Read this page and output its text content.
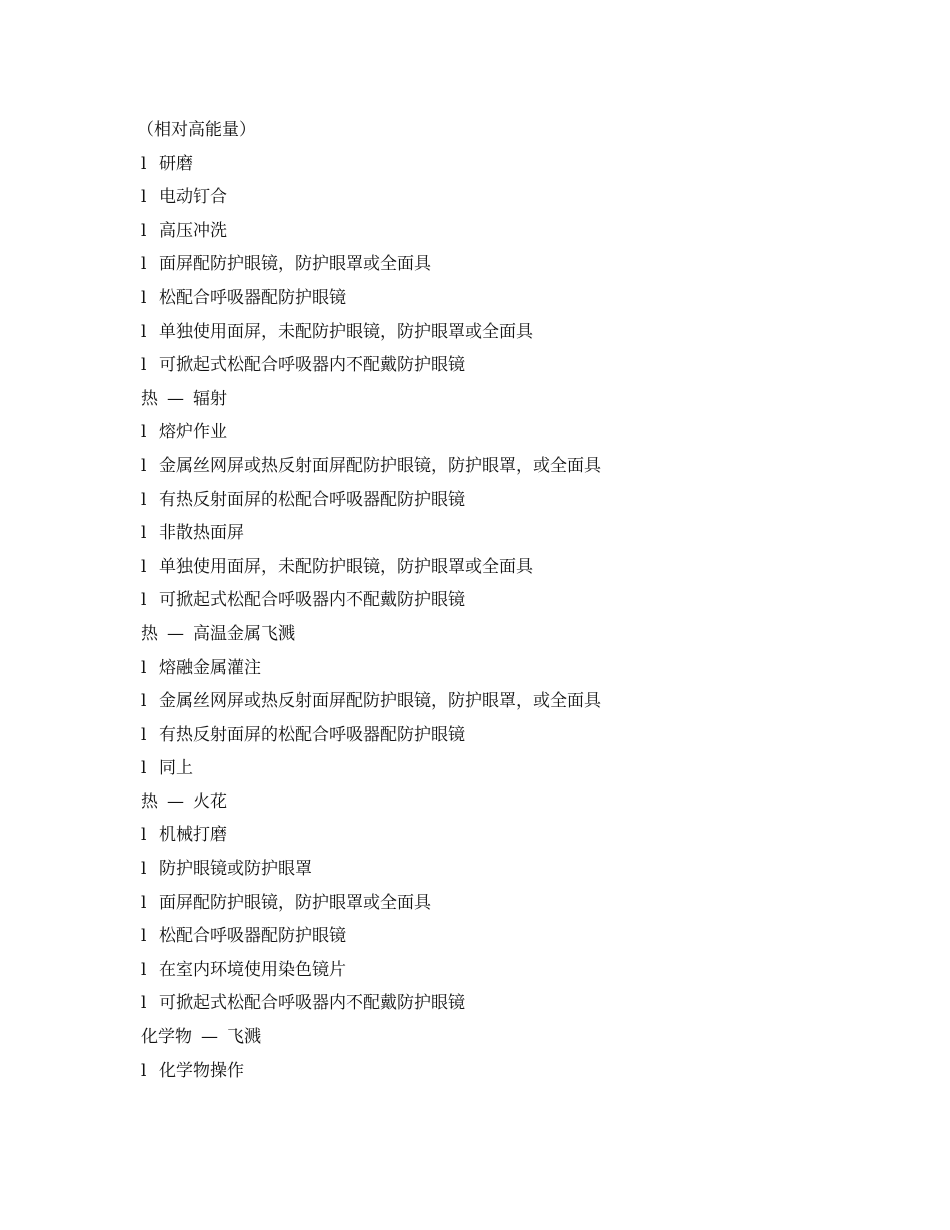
（相对高能量）
l 研磨
l 电动钉合
l 高压冲洗
l 面屏配防护眼镜，防护眼罩或全面具
l 松配合呼吸器配防护眼镜
l 单独使用面屏，未配防护眼镜，防护眼罩或全面具
l 可掀起式松配合呼吸器内不配戴防护眼镜
热 — 辐射
l 熔炉作业
l 金属丝网屏或热反射面屏配防护眼镜，防护眼罩，或全面具
l 有热反射面屏的松配合呼吸器配防护眼镜
l 非散热面屏
l 单独使用面屏，未配防护眼镜，防护眼罩或全面具
l 可掀起式松配合呼吸器内不配戴防护眼镜
热 — 高温金属飞溅
l 熔融金属灌注
l 金属丝网屏或热反射面屏配防护眼镜，防护眼罩，或全面具
l 有热反射面屏的松配合呼吸器配防护眼镜
l 同上
热 — 火花
l 机械打磨
l 防护眼镜或防护眼罩
l 面屏配防护眼镜，防护眼罩或全面具
l 松配合呼吸器配防护眼镜
l 在室内环境使用染色镜片
l 可掀起式松配合呼吸器内不配戴防护眼镜
化学物 — 飞溅
l 化学物操作
